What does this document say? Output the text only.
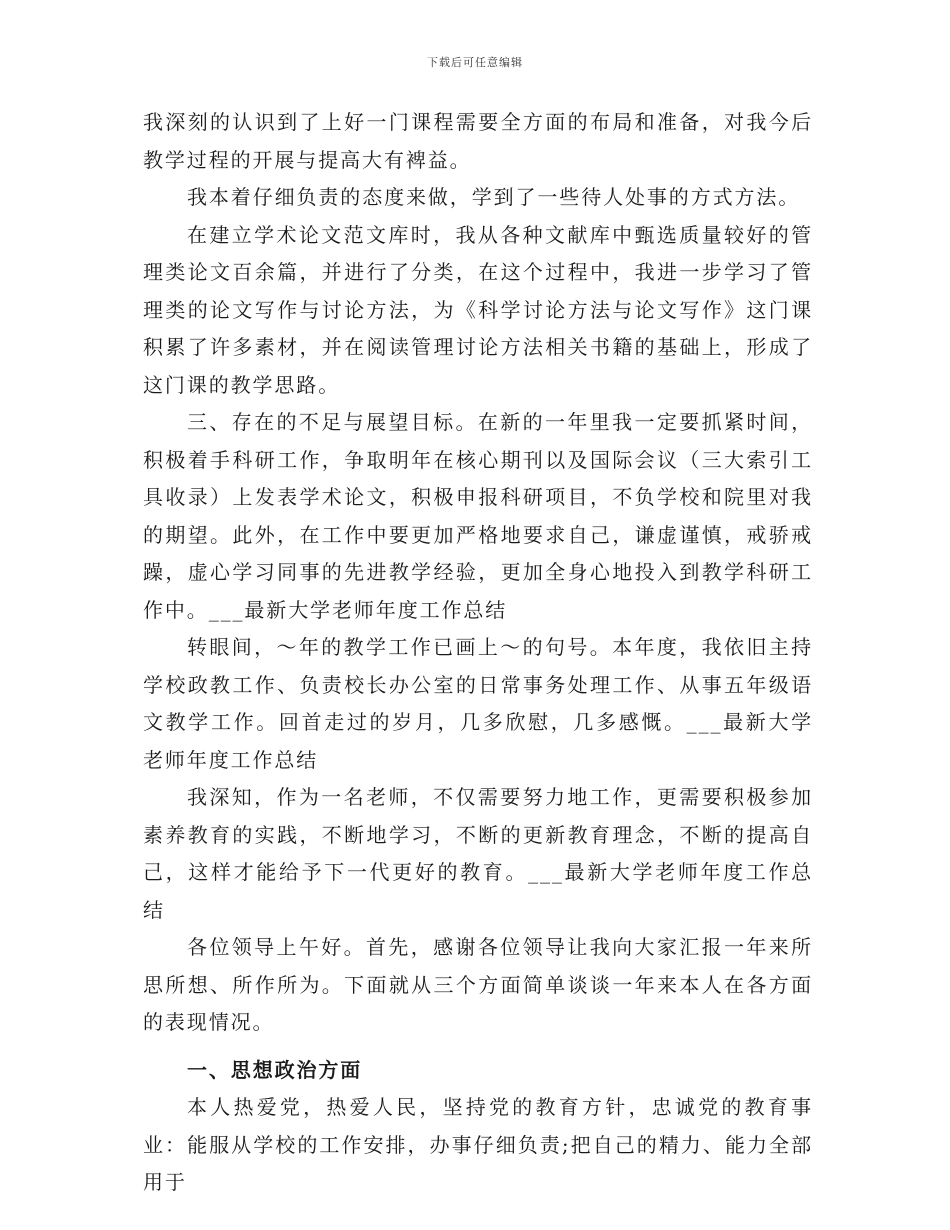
下载后可任意编辑

我深刻的认识到了上好一门课程需要全方面的布局和准备，对我今后教学过程的开展与提高大有裨益。

我本着仔细负责的态度来做，学到了一些待人处事的方式方法。

在建立学术论文范文库时，我从各种文献库中甄选质量较好的管理类论文百余篇，并进行了分类，在这个过程中，我进一步学习了管理类的论文写作与讨论方法，为《科学讨论方法与论文写作》这门课积累了许多素材，并在阅读管理讨论方法相关书籍的基础上，形成了这门课的教学思路。

三、存在的不足与展望目标。在新的一年里我一定要抓紧时间，积极着手科研工作，争取明年在核心期刊以及国际会议（三大索引工具收录）上发表学术论文，积极申报科研项目，不负学校和院里对我的期望。此外，在工作中要更加严格地要求自己，谦虚谨慎，戒骄戒躁，虚心学习同事的先进教学经验，更加全身心地投入到教学科研工作中。___最新大学老师年度工作总结

转眼间，～年的教学工作已画上～的句号。本年度，我依旧主持学校政教工作、负责校长办公室的日常事务处理工作、从事五年级语文教学工作。回首走过的岁月，几多欣慰，几多感慨。___最新大学老师年度工作总结

我深知，作为一名老师，不仅需要努力地工作，更需要积极参加素养教育的实践，不断地学习，不断的更新教育理念，不断的提高自己，这样才能给予下一代更好的教育。___最新大学老师年度工作总结

各位领导上午好。首先，感谢各位领导让我向大家汇报一年来所思所想、所作所为。下面就从三个方面简单谈谈一年来本人在各方面的表现情况。

一、思想政治方面

本人热爱党，热爱人民，坚持党的教育方针，忠诚党的教育事业：能服从学校的工作安排，办事仔细负责;把自己的精力、能力全部用于
